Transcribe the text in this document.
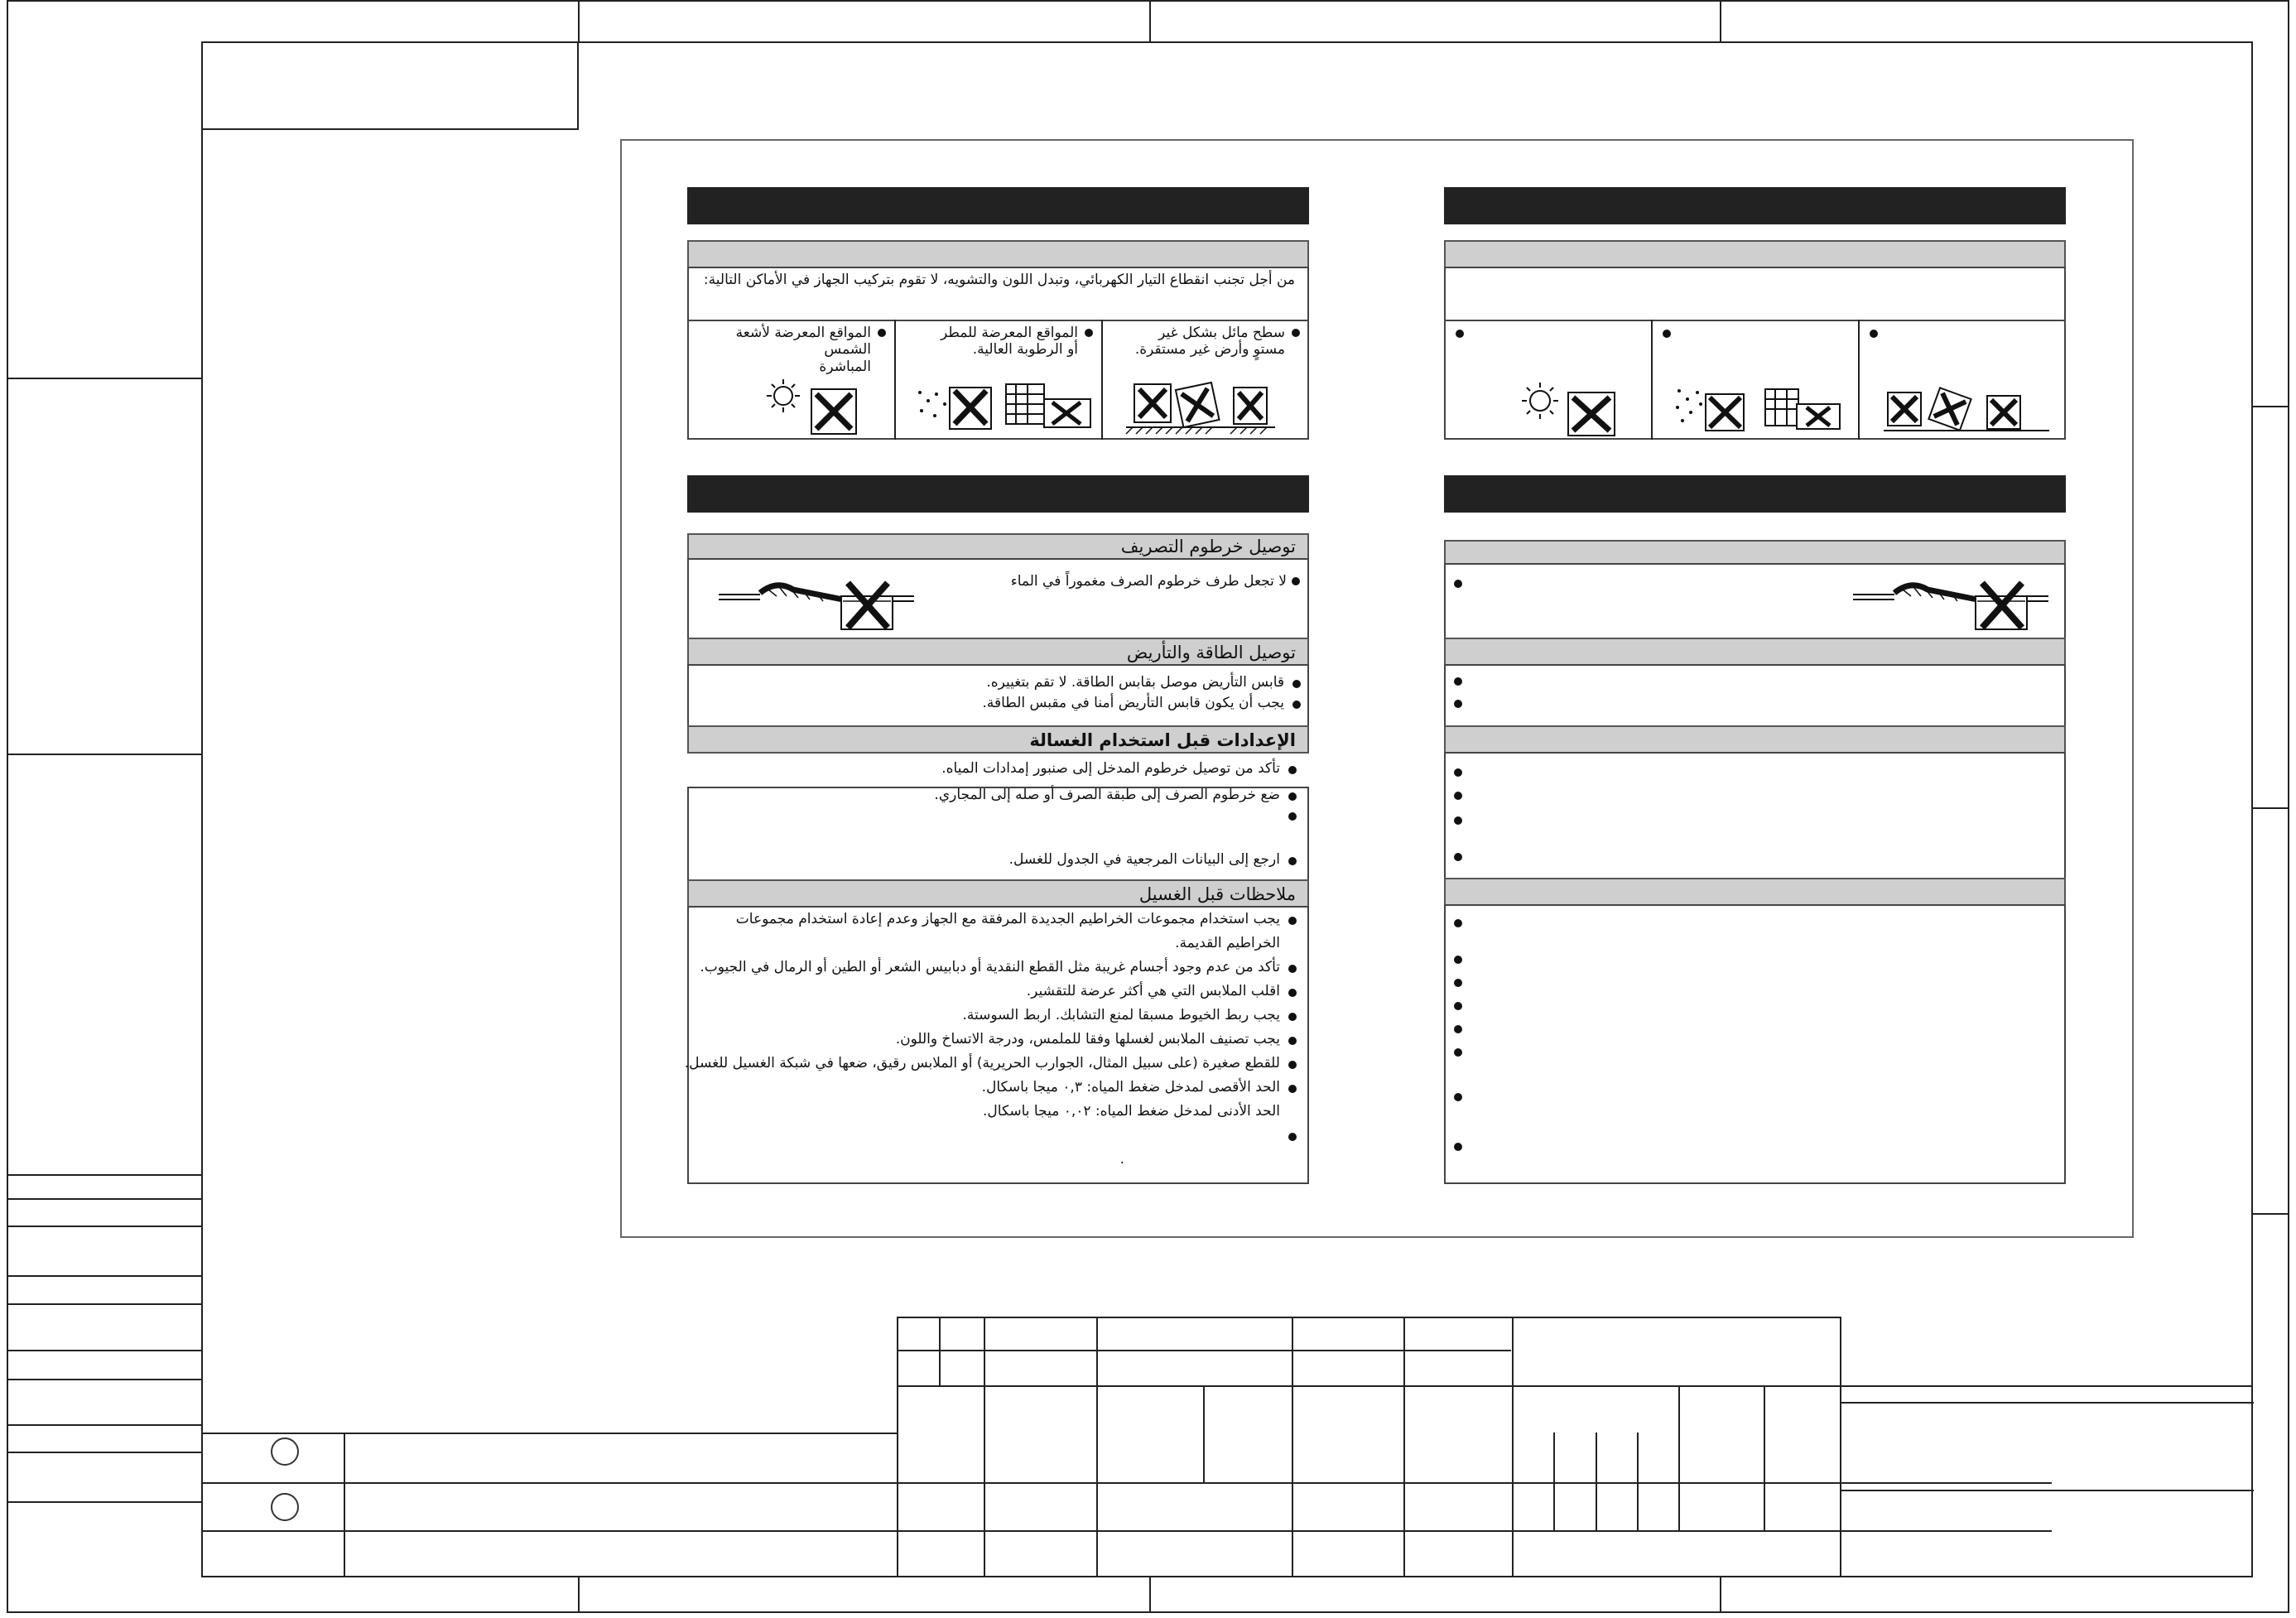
من أجل تجنب انقطاع التيار الكهربائي، وتبدل اللون والتشويه، لا تقوم بتركيب الجهاز في الأماكن التالية:
سطح مائل بشكل غير
مستوٍ وأرض غير مستقرة.
المواقع المعرضة للمطر
أو الرطوبة العالية.
المواقع المعرضة لأشعة الشمس
المباشرة
توصيل خرطوم التصريف
لا تجعل طرف خرطوم الصرف مغموراً في الماء
توصيل الطاقة والتأريض
قابس التأريض موصل بقابس الطاقة. لا تقم بتغييره.
يجب أن يكون قابس التأريض أمنا في مقبس الطاقة.
الإعدادات قبل استخدام الغسالة
تأكد من توصيل خرطوم المدخل إلى صنبور إمدادات المياه.
ضع خرطوم الصرف إلى طبقة الصرف أو صله إلى المجاري.
ارجع إلى البيانات المرجعية في الجدول للغسل.
ملاحظات قبل الغسيل
يجب استخدام مجموعات الخراطيم الجديدة المرفقة مع الجهاز وعدم إعادة استخدام مجموعات
الخراطيم القديمة.
تأكد من عدم وجود أجسام غريبة مثل القطع النقدية أو دبابيس الشعر أو الطين أو الرمال في الجيوب.
اقلب الملابس التي هي أكثر عرضة للتقشير.
يجب ربط الخيوط مسبقا لمنع التشابك. اربط السوستة.
يجب تصنيف الملابس لغسلها وفقا للملمس، ودرجة الاتساخ واللون.
للقطع صغيرة (على سبيل المثال، الجوارب الحريرية) أو الملابس رقيق، ضعها في شبكة الغسيل للغسل.
الحد الأقصى لمدخل ضغط المياه: ٠,٣ ميجا باسكال.
الحد الأدنى لمدخل ضغط المياه: ٠,٠٢ ميجا باسكال.
.
